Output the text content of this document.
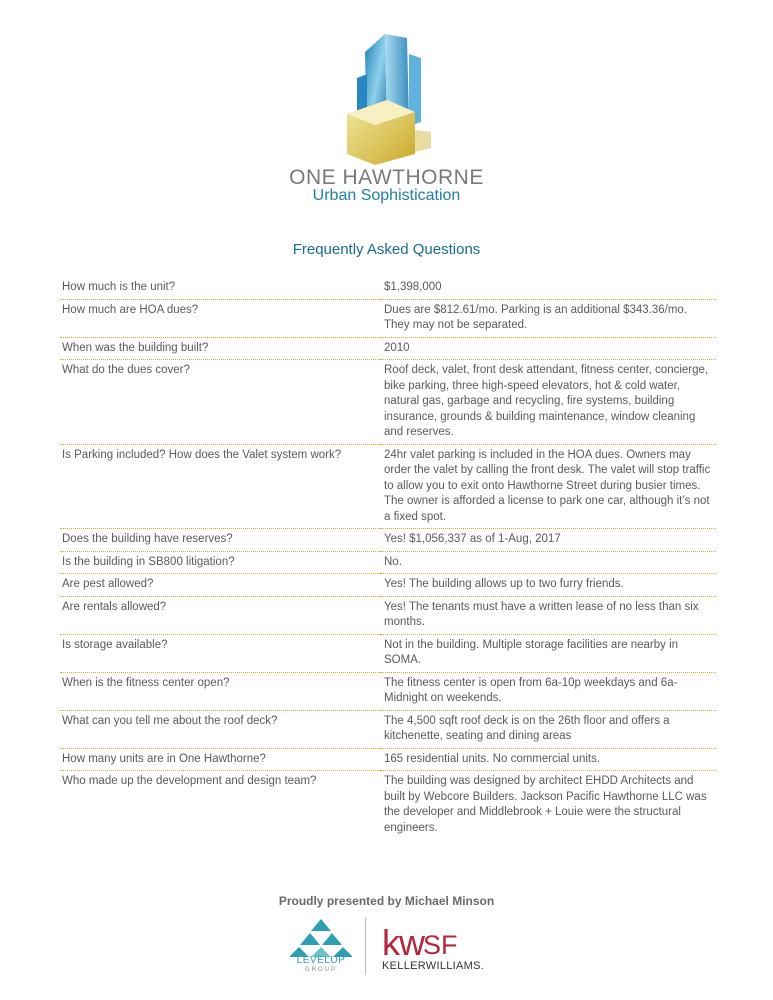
ONE HAWTHORNE
Urban Sophistication
Frequently Asked Questions
How much is the unit?	$1,398,000
How much are HOA dues?	Dues are $812.61/mo. Parking is an additional $343.36/mo. They may not be separated.
When was the building built?	2010
What do the dues cover?	Roof deck, valet, front desk attendant, fitness center, concierge, bike parking, three high-speed elevators, hot & cold water, natural gas, garbage and recycling, fire systems, building insurance, grounds & building maintenance, window cleaning and reserves.
Is Parking included? How does the Valet system work?	24hr valet parking is included in the HOA dues. Owners may order the valet by calling the front desk. The valet will stop traffic to allow you to exit onto Hawthorne Street during busier times. The owner is afforded a license to park one car, although it’s not a fixed spot.
Does the building have reserves?	Yes! $1,056,337 as of 1-Aug, 2017
Is the building in SB800 litigation?	No.
Are pest allowed?	Yes! The building allows up to two furry friends.
Are rentals allowed?	Yes! The tenants must have a written lease of no less than six months.
Is storage available?	Not in the building. Multiple storage facilities are nearby in SOMA.
When is the fitness center open?	The fitness center is open from 6a-10p weekdays and 6a-Midnight on weekends.
What can you tell me about the roof deck?	The 4,500 sqft roof deck is on the 26th floor and offers a kitchenette, seating and dining areas
How many units are in One Hawthorne?	165 residential units. No commercial units.
Who made up the development and design team?	The building was designed by architect EHDD Architects and built by Webcore Builders. Jackson Pacific Hawthorne LLC was the developer and Middlebrook + Louie were the structural engineers.
Proudly presented by Michael Minson
LEVELUP
GROUP
kw SF
KELLERWILLIAMS.
